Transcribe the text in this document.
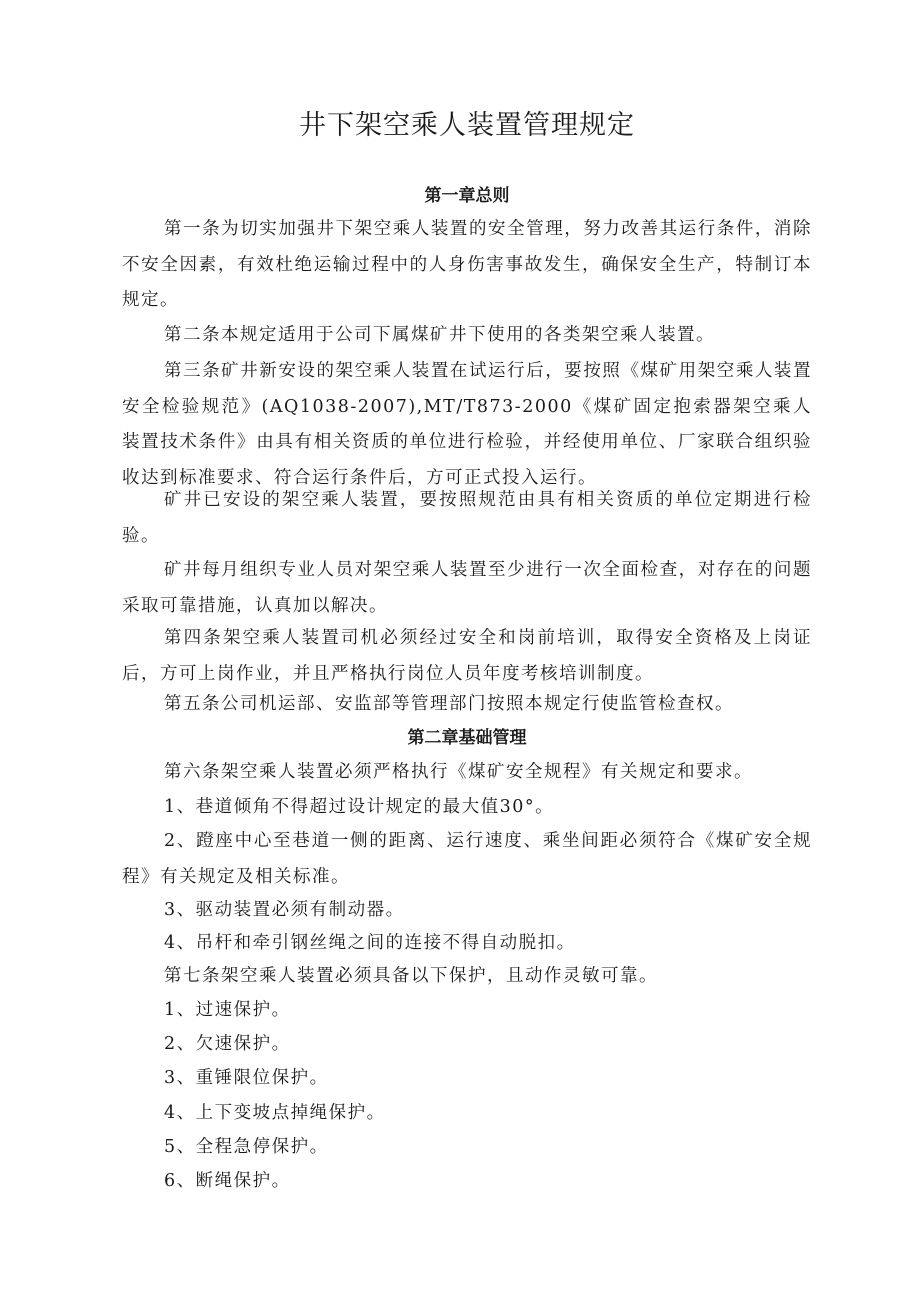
井下架空乘人装置管理规定
第一章总则

第一条为切实加强井下架空乘人装置的安全管理，努力改善其运行条件，消除不安全因素，有效杜绝运输过程中的人身伤害事故发生，确保安全生产，特制订本规定。

第二条本规定适用于公司下属煤矿井下使用的各类架空乘人装置。

第三条矿井新安设的架空乘人装置在试运行后，要按照《煤矿用架空乘人装置安全检验规范》(AQ1038-2007),MT/T873-2000《煤矿固定抱索器架空乘人装置技术条件》由具有相关资质的单位进行检验，并经使用单位、厂家联合组织验收达到标准要求、符合运行条件后，方可正式投入运行。

矿井已安设的架空乘人装置，要按照规范由具有相关资质的单位定期进行检验。

矿井每月组织专业人员对架空乘人装置至少进行一次全面检查，对存在的问题采取可靠措施，认真加以解决。

第四条架空乘人装置司机必须经过安全和岗前培训，取得安全资格及上岗证后，方可上岗作业，并且严格执行岗位人员年度考核培训制度。

第五条公司机运部、安监部等管理部门按照本规定行使监管检查权。

第二章基础管理

第六条架空乘人装置必须严格执行《煤矿安全规程》有关规定和要求。

1、巷道倾角不得超过设计规定的最大值30°。

2、蹬座中心至巷道一侧的距离、运行速度、乘坐间距必须符合《煤矿安全规程》有关规定及相关标准。

3、驱动装置必须有制动器。

4、吊杆和牵引钢丝绳之间的连接不得自动脱扣。

第七条架空乘人装置必须具备以下保护，且动作灵敏可靠。

1、过速保护。

2、欠速保护。

3、重锤限位保护。

4、上下变坡点掉绳保护。

5、全程急停保护。

6、断绳保护。
